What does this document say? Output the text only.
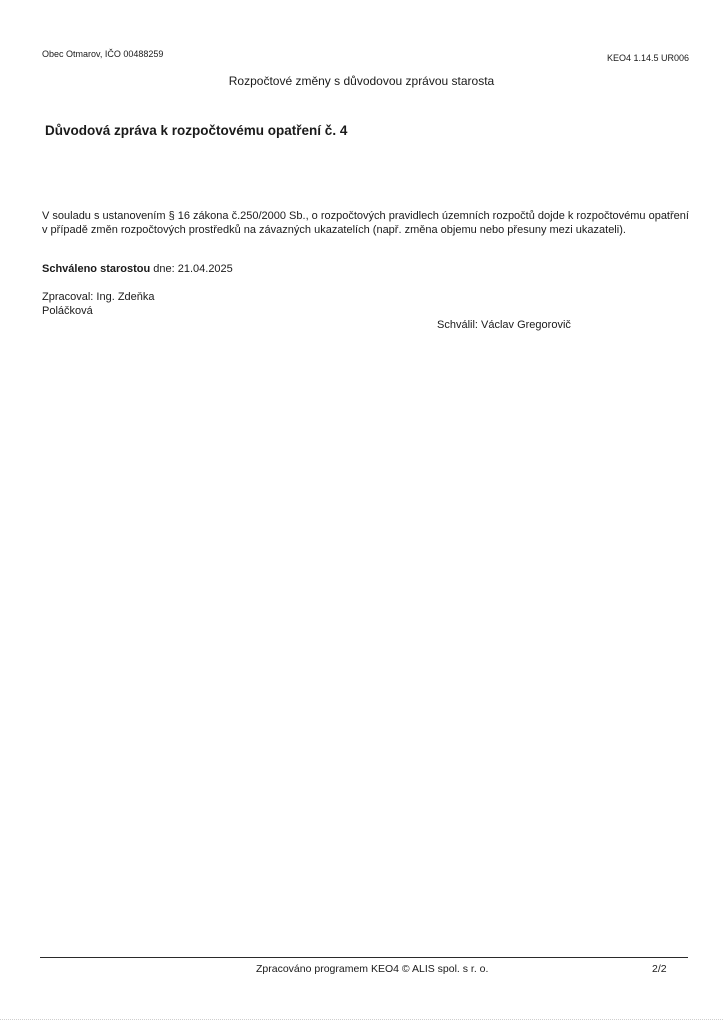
Obec Otmarov, IČO 00488259	KEO4 1.14.5 UR006
Rozpočtové změny s důvodovou zprávou starosta
Důvodová zpráva k rozpočtovému opatření č. 4
V souladu s ustanovením § 16 zákona č.250/2000 Sb., o rozpočtových pravidlech územních rozpočtů dojde k rozpočtovému opatření v případě změn rozpočtových prostředků na závazných ukazatelích (např. změna objemu nebo přesuny mezi ukazateli).
Schváleno starostou dne: 21.04.2025
Zpracoval: Ing. Zdeňka Poláčková
Schválil: Václav Gregorovič
Zpracováno programem KEO4 © ALIS spol. s r. o.	2/2
